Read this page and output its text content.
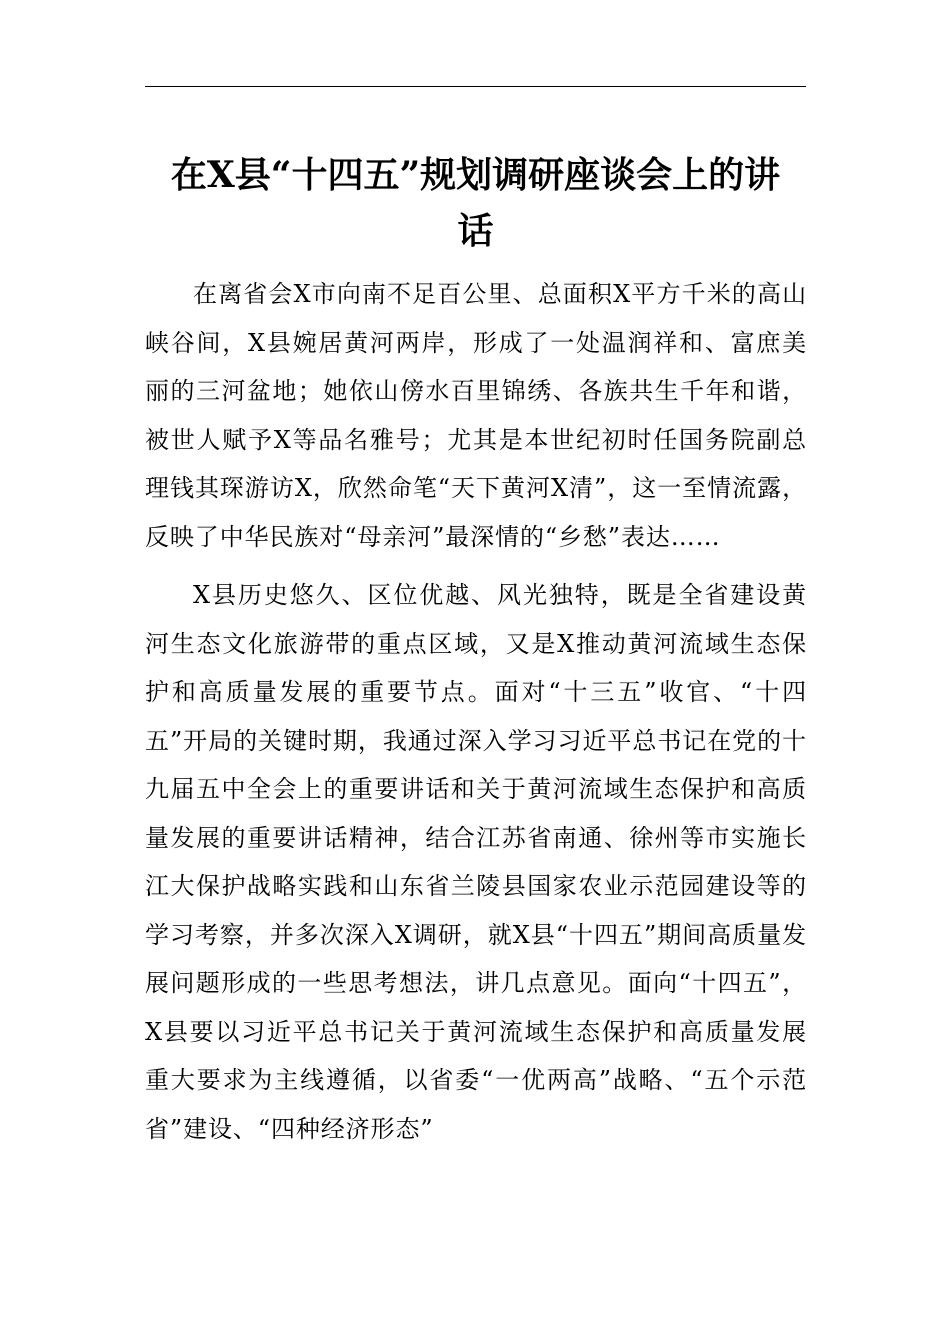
在X县“十四五”规划调研座谈会上的讲
话

在离省会X市向南不足百公里、总面积X平方千米的高山峡谷间，X县婉居黄河两岸，形成了一处温润祥和、富庶美丽的三河盆地；她依山傍水百里锦绣、各族共生千年和谐，被世人赋予X等品名雅号；尤其是本世纪初时任国务院副总理钱其琛游访X，欣然命笔“天下黄河X清”，这一至情流露，反映了中华民族对“母亲河”最深情的“乡愁”表达……

X县历史悠久、区位优越、风光独特，既是全省建设黄河生态文化旅游带的重点区域，又是X推动黄河流域生态保护和高质量发展的重要节点。面对“十三五”收官、“十四五”开局的关键时期，我通过深入学习习近平总书记在党的十九届五中全会上的重要讲话和关于黄河流域生态保护和高质量发展的重要讲话精神，结合江苏省南通、徐州等市实施长江大保护战略实践和山东省兰陵县国家农业示范园建设等的学习考察，并多次深入X调研，就X县“十四五”期间高质量发展问题形成的一些思考想法，讲几点意见。面向“十四五”，X县要以习近平总书记关于黄河流域生态保护和高质量发展重大要求为主线遵循，以省委“一优两高”战略、“五个示范省”建设、“四种经济形态”
